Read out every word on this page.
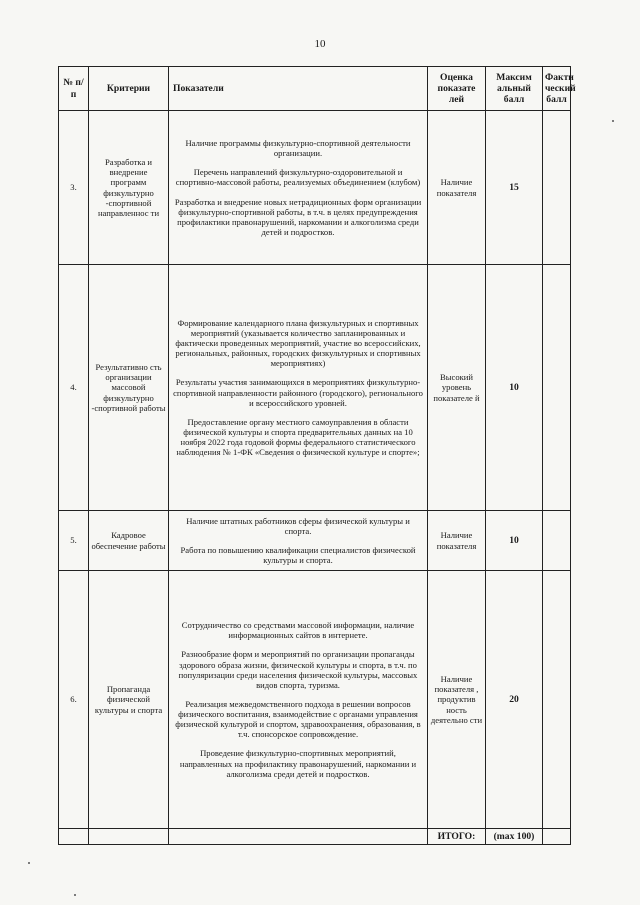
10
№ п/п	Критерии	Показатели	Оценка показате лей	Максим альный балл	Факти ческий балл
3.	Разработка и внедрение программ физкультурно -спортивной направленнос ти	Наличие программы физкультурно-спортивной деятельности организации.

Перечень направлений физкультурно-оздоровительной и спортивно-массовой работы, реализуемых объединением (клубом)

Разработка и внедрение новых нетрадиционных форм организации физкультурно-спортивной работы, в т.ч. в целях предупреждения профилактики правонарушений, наркомании и алкоголизма среди детей и подростков.	Наличие показателя	15	
4.	Результативно сть организации массовой физкультурно -спортивной работы	Формирование календарного плана физкультурных и спортивных мероприятий (указывается количество запланированных и фактически проведенных мероприятий, участие во всероссийских, региональных, районных, городских физкультурных и спортивных мероприятиях)

Результаты участия занимающихся в мероприятиях физкультурно-спортивной направленности районного (городского), регионального и всероссийского уровней.

Предоставление органу местного самоуправления в области физической культуры и спорта предварительных данных на 10 ноября 2022 года годовой формы федерального статистического наблюдения № 1-ФК «Сведения о физической культуре и спорте»;	Высокий уровень показателе й	10	
5.	Кадровое обеспечение работы	Наличие штатных работников сферы физической культуры и спорта.

Работа по повышению квалификации специалистов физической культуры и спорта.	Наличие показателя	10	
6.	Пропаганда физической культуры и спорта	Сотрудничество со средствами массовой информации, наличие информационных сайтов в интернете.

Разнообразие форм и мероприятий по организации пропаганды здорового образа жизни, физической культуры и спорта, в т.ч. по популяризации среди населения физической культуры, массовых видов спорта, туризма.

Реализация межведомственного подхода в решении вопросов физического воспитания, взаимодействие с органами управления физической культурой и спортом, здравоохранения, образования, в т.ч. спонсорское сопровождение.

Проведение физкультурно-спортивных мероприятий, направленных на профилактику правонарушений, наркомании и алкоголизма среди детей и подростков.	Наличие показателя , продуктив ность деятельно сти	20	
			ИТОГО:	(max 100)	
